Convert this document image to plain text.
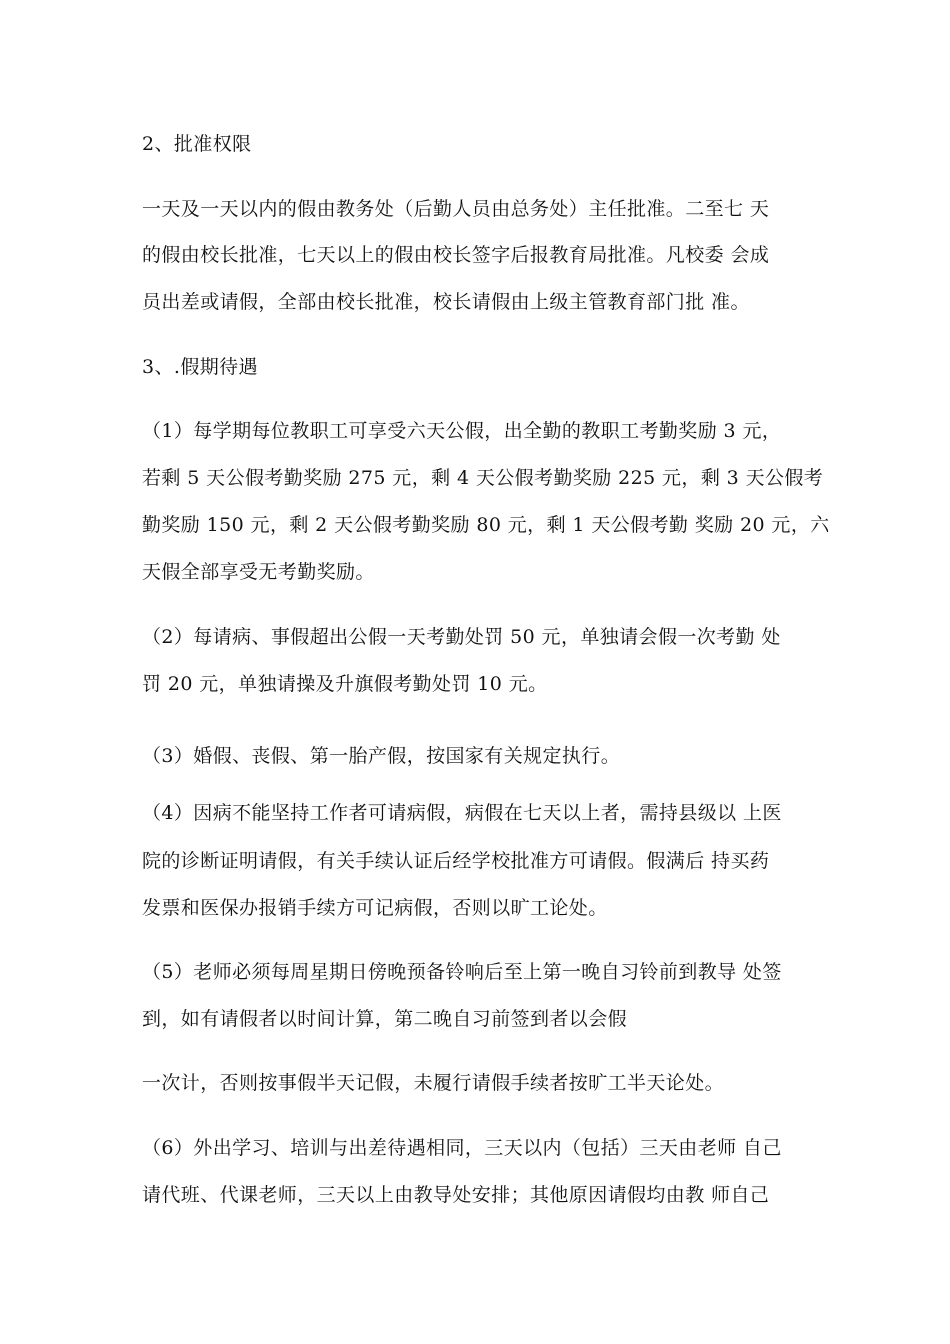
2、批准权限
一天及一天以内的假由教务处（后勤人员由总务处）主任批准。二至七 天
的假由校长批准，七天以上的假由校长签字后报教育局批准。凡校委 会成
员出差或请假，全部由校长批准，校长请假由上级主管教育部门批 准。
3、.假期待遇
（1）每学期每位教职工可享受六天公假，出全勤的教职工考勤奖励 3 元，
若剩 5 天公假考勤奖励 275 元，剩 4 天公假考勤奖励 225 元，剩 3 天公假考
勤奖励 150 元，剩 2 天公假考勤奖励 80 元，剩 1 天公假考勤 奖励 20 元，六
天假全部享受无考勤奖励。
（2）每请病、事假超出公假一天考勤处罚 50 元，单独请会假一次考勤 处
罚 20 元，单独请操及升旗假考勤处罚 10 元。
（3）婚假、丧假、第一胎产假，按国家有关规定执行。
（4）因病不能坚持工作者可请病假，病假在七天以上者，需持县级以 上医
院的诊断证明请假，有关手续认证后经学校批准方可请假。假满后 持买药
发票和医保办报销手续方可记病假，否则以旷工论处。
（5）老师必须每周星期日傍晚预备铃响后至上第一晚自习铃前到教导 处签
到，如有请假者以时间计算，第二晚自习前签到者以会假
一次计，否则按事假半天记假，未履行请假手续者按旷工半天论处。
（6）外出学习、培训与出差待遇相同，三天以内（包括）三天由老师 自己
请代班、代课老师，三天以上由教导处安排；其他原因请假均由教 师自己
